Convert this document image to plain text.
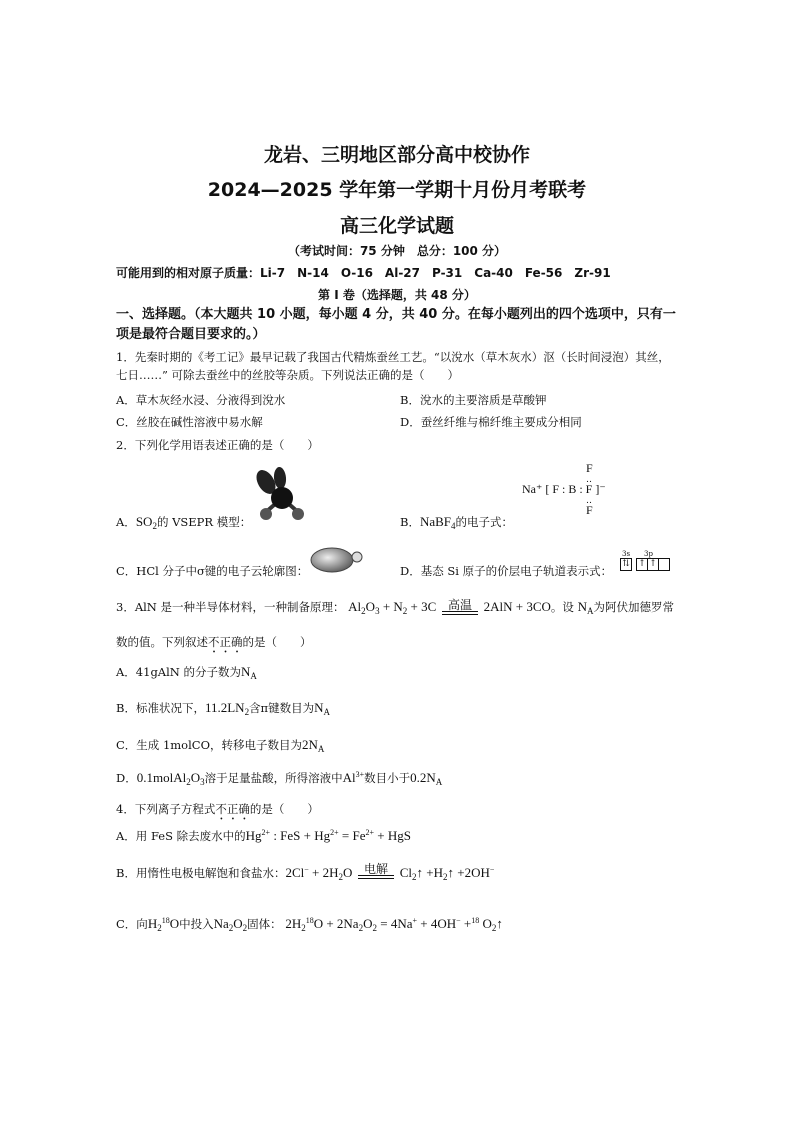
龙岩、三明地区部分高中校协作
2024—2025 学年第一学期十月份月考联考
高三化学试题
（考试时间：75 分钟　总分：100 分）
可能用到的相对原子质量：Li-7　N-14　O-16　Al-27　P-31　Ca-40　Fe-56　Zr-91
第 I 卷（选择题，共 48 分）
一、选择题。（本大题共 10 小题，每小题 4 分，共 40 分。在每小题列出的四个选项中，只有一
项是最符合题目要求的。）
1．先秦时期的《考工记》最早记载了我国古代精炼蚕丝工艺。“以涗水（草木灰水）沤（长时间浸泡）其丝，
七日……” 可除去蚕丝中的丝胶等杂质。下列说法正确的是（　　）
A．草木灰经水浸、分液得到涗水	B．涗水的主要溶质是草酸钾
C．丝胶在碱性溶液中易水解	D．蚕丝纤维与棉纤维主要成分相同
2．下列化学用语表述正确的是（　　）
A．$SO_2$的 VSEPR 模型：
F
‥
Na⁺ [ F : B : F ]⁻
‥
F
B．NaBF$_4$的电子式：
C．HCl 分子中σ键的电子云轮廓图：	D．基态 Si 原子的价层电子轨道表示式：
3s 3p
⇅ ↑ ↑
3．AlN 是一种半导体材料，一种制备原理： $Al_2O_3 + N_2 + 3C$ 高温 2AlN + 3CO。设 $N_A$为阿伏加德罗常
数的值。下列叙述不正确的是（　　）
A．41gAlN 的分子数为$N_A$
B．标准状况下，$11.2LN_2$含π键数目为$N_A$
C．生成 1molCO，转移电子数目为$2N_A$
D．$0.1molAl_2O_3$溶于足量盐酸，所得溶液中$Al^{3+}$数目小于$0.2N_A$
4．下列离子方程式不正确的是（　　）
A．用 FeS 除去废水中的$Hg^{2+}$ : FeS + $Hg^{2+} = Fe^{2+}$ + HgS
B．用惰性电极电解饱和食盐水：$2Cl^- + 2H_2O$ 电解 $Cl_2↑$ $+H_2↑ +2OH^-$
C．向$H_2^{18}O$中投入$Na_2O_2$固体： $2H_2^{18}O + 2Na_2O_2 = 4Na^+ + 4OH^- +^{18}$ $O_2↑$
